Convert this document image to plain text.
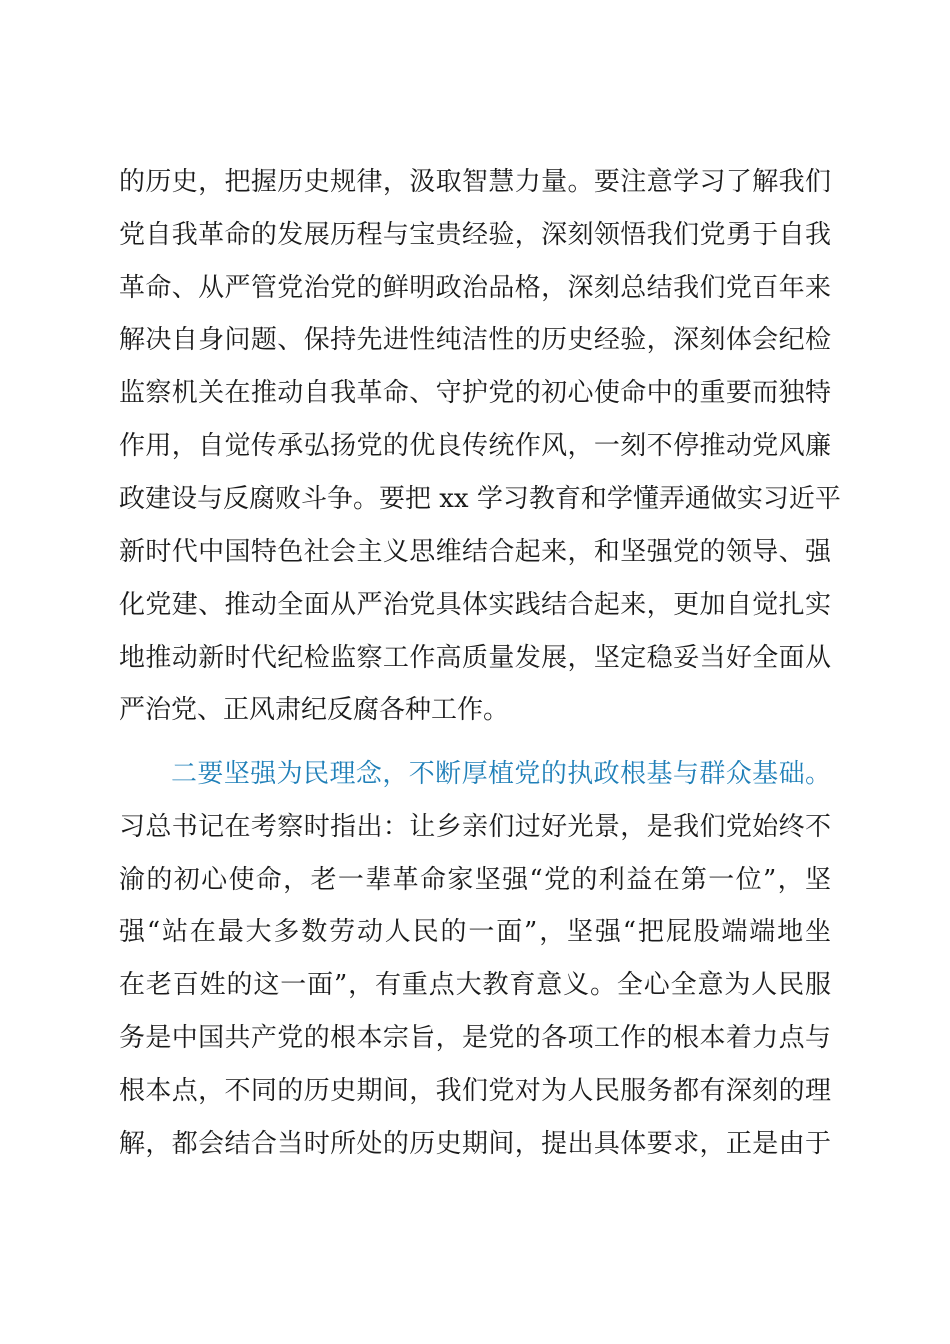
的历史，把握历史规律，汲取智慧力量。要注意学习了解我们
党自我革命的发展历程与宝贵经验，深刻领悟我们党勇于自我
革命、从严管党治党的鲜明政治品格，深刻总结我们党百年来
解决自身问题、保持先进性纯洁性的历史经验，深刻体会纪检
监察机关在推动自我革命、守护党的初心使命中的重要而独特
作用，自觉传承弘扬党的优良传统作风，一刻不停推动党风廉
政建设与反腐败斗争。要把 xx 学习教育和学懂弄通做实习近平
新时代中国特色社会主义思维结合起来，和坚强党的领导、强
化党建、推动全面从严治党具体实践结合起来，更加自觉扎实
地推动新时代纪检监察工作高质量发展，坚定稳妥当好全面从
严治党、正风肃纪反腐各种工作。
二要坚强为民理念，不断厚植党的执政根基与群众基础。
习总书记在考察时指出：让乡亲们过好光景，是我们党始终不
渝的初心使命，老一辈革命家坚强“党的利益在第一位”，坚
强“站在最大多数劳动人民的一面”，坚强“把屁股端端地坐
在老百姓的这一面”，有重点大教育意义。全心全意为人民服
务是中国共产党的根本宗旨，是党的各项工作的根本着力点与
根本点，不同的历史期间，我们党对为人民服务都有深刻的理
解，都会结合当时所处的历史期间，提出具体要求，正是由于
